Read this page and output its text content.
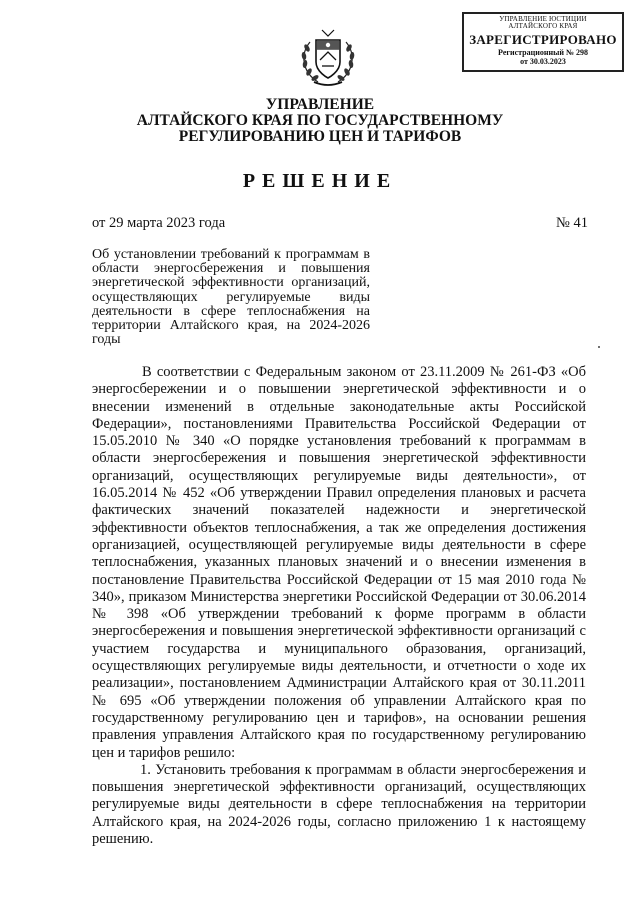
УПРАВЛЕНИЕ ЮСТИЦИИ
АЛТАЙСКОГО КРАЯ
ЗАРЕГИСТРИРОВАНО
Регистрационный № 298
от 30.03.2023
УПРАВЛЕНИЕ
АЛТАЙСКОГО КРАЯ ПО ГОСУДАРСТВЕННОМУ
РЕГУЛИРОВАНИЮ ЦЕН И ТАРИФОВ
РЕШЕНИЕ
от 29 марта 2023 года	№ 41
Об установлении требований к программам в области энергосбережения и повышения энергетической эффективности организаций, осуществляющих регулируемые виды деятельности в сфере теплоснабжения на территории Алтайского края, на 2024-2026 годы

В соответствии с Федеральным законом от 23.11.2009 № 261-ФЗ «Об энергосбережении и о повышении энергетической эффективности и о внесении изменений в отдельные законодательные акты Российской Федерации», постановлениями Правительства Российской Федерации от 15.05.2010 № 340 «О порядке установления требований к программам в области энергосбережения и повышения энергетической эффективности организаций, осуществляющих регулируемые виды деятельности», от 16.05.2014 № 452 «Об утверждении Правил определения плановых и расчета фактических значений показателей надежности и энергетической эффективности объектов теплоснабжения, а так же определения достижения организацией, осуществляющей регулируемые виды деятельности в сфере теплоснабжения, указанных плановых значений и о внесении изменения в постановление Правительства Российской Федерации от 15 мая 2010 года № 340», приказом Министерства энергетики Российской Федерации от 30.06.2014 № 398 «Об утверждении требований к форме программ в области энергосбережения и повышения энергетической эффективности организаций с участием государства и муниципального образования, организаций, осуществляющих регулируемые виды деятельности, и отчетности о ходе их реализации», постановлением Администрации Алтайского края от 30.11.2011 № 695 «Об утверждении положения об управлении Алтайского края по государственному регулированию цен и тарифов», на основании решения правления управления Алтайского края по государственному регулированию цен и тарифов решило:

1. Установить требования к программам в области энергосбережения и повышения энергетической эффективности организаций, осуществляющих регулируемые виды деятельности в сфере теплоснабжения на территории Алтайского края, на 2024-2026 годы, согласно приложению 1 к настоящему решению.
